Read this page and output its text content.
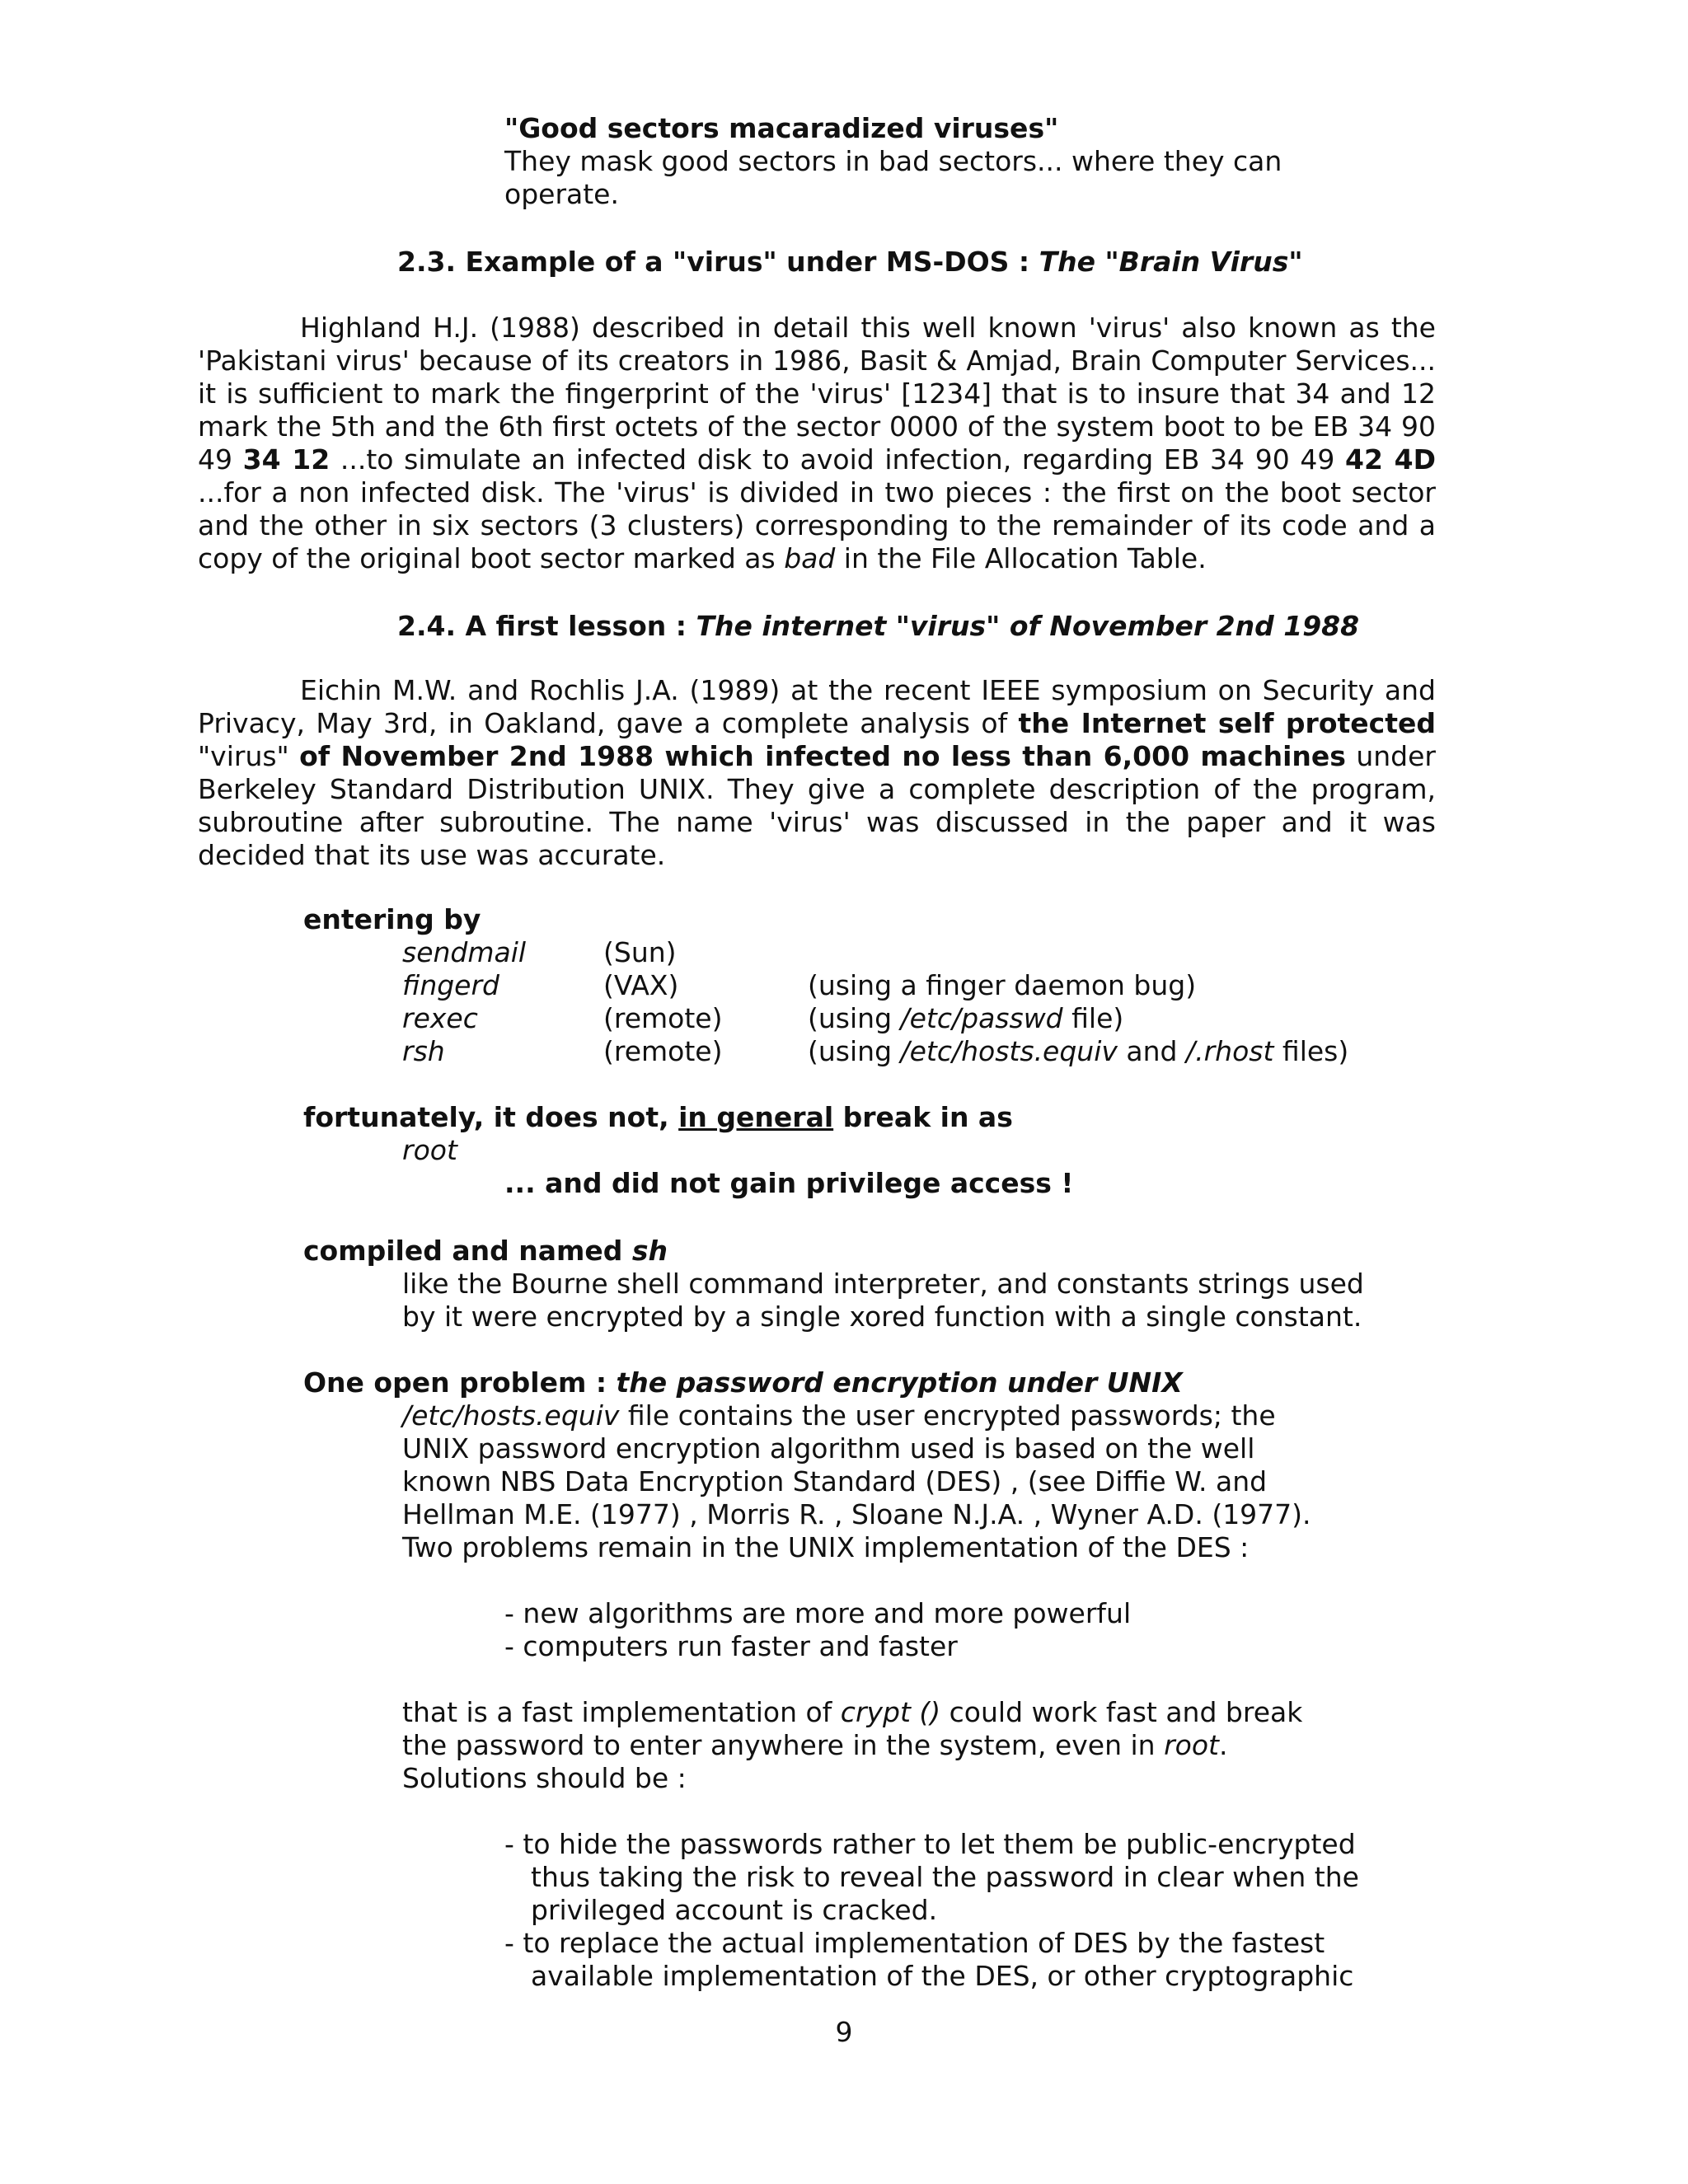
"Good sectors macaradized viruses"

They mask good sectors in bad sectors... where they can operate.

2.3. Example of a "virus" under MS-DOS : The "Brain Virus"

Highland H.J. (1988) described in detail this well known 'virus' also known as the 'Pakistani virus' because of its creators in 1986, Basit & Amjad, Brain Computer Services... it is sufficient to mark the fingerprint of the 'virus' [1234] that is to insure that 34 and 12 mark the 5th and the 6th first octets of the sector 0000 of the system boot to be EB 34 90 49 34 12 ...to simulate an infected disk to avoid infection, regarding EB 34 90 49 42 4D ...for a non infected disk. The 'virus' is divided in two pieces : the first on the boot sector and the other in six sectors (3 clusters) corresponding to the remainder of its code and a copy of the original boot sector marked as bad in the File Allocation Table.

2.4. A first lesson : The internet "virus" of November 2nd 1988

Eichin M.W. and Rochlis J.A. (1989) at the recent IEEE symposium on Security and Privacy, May 3rd, in Oakland, gave a complete analysis of the Internet self protected "virus" of November 2nd 1988 which infected no less than 6,000 machines under Berkeley Standard Distribution UNIX. They give a complete description of the program, subroutine after subroutine. The name 'virus' was discussed in the paper and it was decided that its use was accurate.

entering by
sendmail	(Sun)
fingerd	(VAX)	(using a finger daemon bug)
rexec	(remote)	(using /etc/passwd file)
rsh	(remote)	(using /etc/hosts.equiv and /.rhost files)
fortunately, it does not, in general break in as
root
... and did not gain privilege access !
compiled and named sh
like the Bourne shell command interpreter, and constants strings used by it were encrypted by a single xored function with a single constant.
One open problem : the password encryption under UNIX
/etc/hosts.equiv file contains the user encrypted passwords; the UNIX password encryption algorithm used is based on the well known NBS Data Encryption Standard (DES) , (see Diffie W. and Hellman M.E. (1977) , Morris R. , Sloane N.J.A. , Wyner A.D. (1977). Two problems remain in the UNIX implementation of the DES :

- new algorithms are more and more powerful

- computers run faster and faster

that is a fast implementation of crypt () could work fast and break the password to enter anywhere in the system, even in root. Solutions should be :

- to hide the passwords rather to let them be public-encrypted thus taking the risk to reveal the password in clear when the privileged account is cracked.

- to replace the actual implementation of DES by the fastest available implementation of the DES, or other cryptographic

9
